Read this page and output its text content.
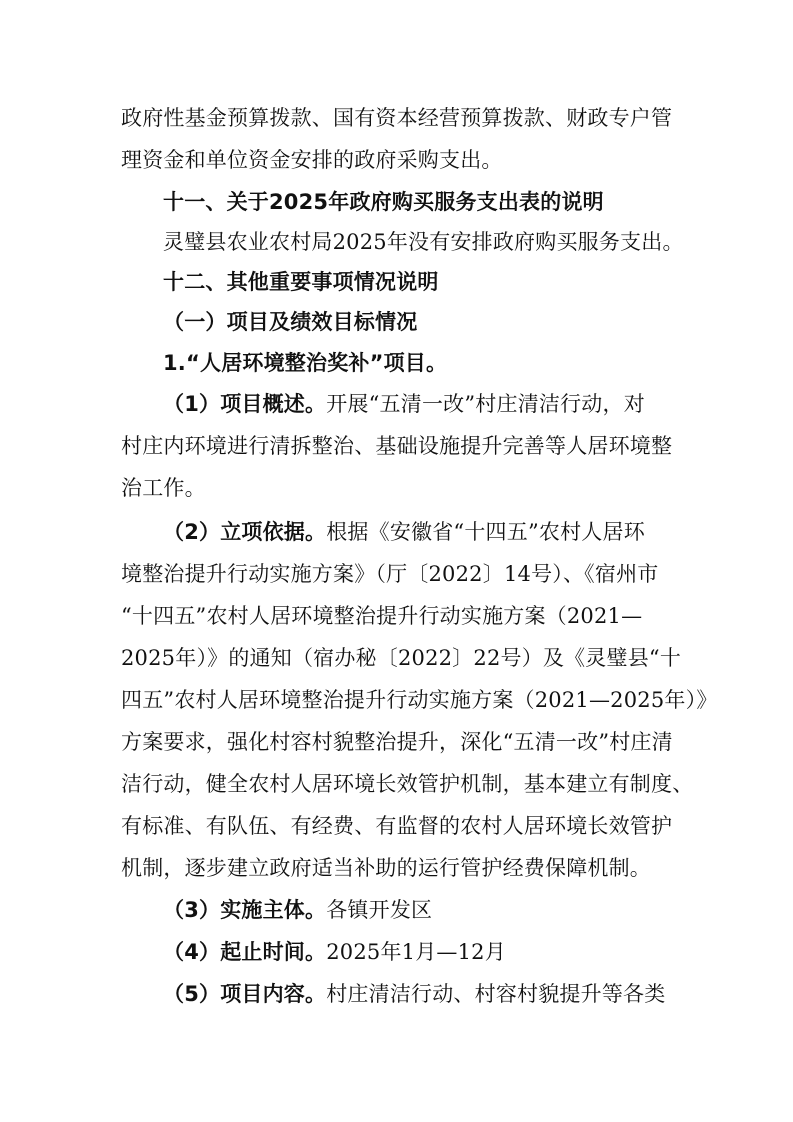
政府性基金预算拨款、国有资本经营预算拨款、财政专户管
理资金和单位资金安排的政府采购支出。
十一、关于2025年政府购买服务支出表的说明
灵璧县农业农村局2025年没有安排政府购买服务支出。
十二、其他重要事项情况说明
（一）项目及绩效目标情况
1.“人居环境整治奖补”项目。
（1）项目概述。开展“五清一改”村庄清洁行动，对
村庄内环境进行清拆整治、基础设施提升完善等人居环境整
治工作。
（2）立项依据。根据《安徽省“十四五”农村人居环
境整治提升行动实施方案》（厅〔2022〕14号）、《宿州市
“十四五”农村人居环境整治提升行动实施方案（2021—
2025年）》的通知（宿办秘〔2022〕22号）及《灵璧县“十
四五”农村人居环境整治提升行动实施方案（2021—2025年）》
方案要求，强化村容村貌整治提升，深化“五清一改”村庄清
洁行动，健全农村人居环境长效管护机制，基本建立有制度、
有标准、有队伍、有经费、有监督的农村人居环境长效管护
机制，逐步建立政府适当补助的运行管护经费保障机制。
（3）实施主体。各镇开发区
（4）起止时间。2025年1月—12月
（5）项目内容。村庄清洁行动、村容村貌提升等各类
